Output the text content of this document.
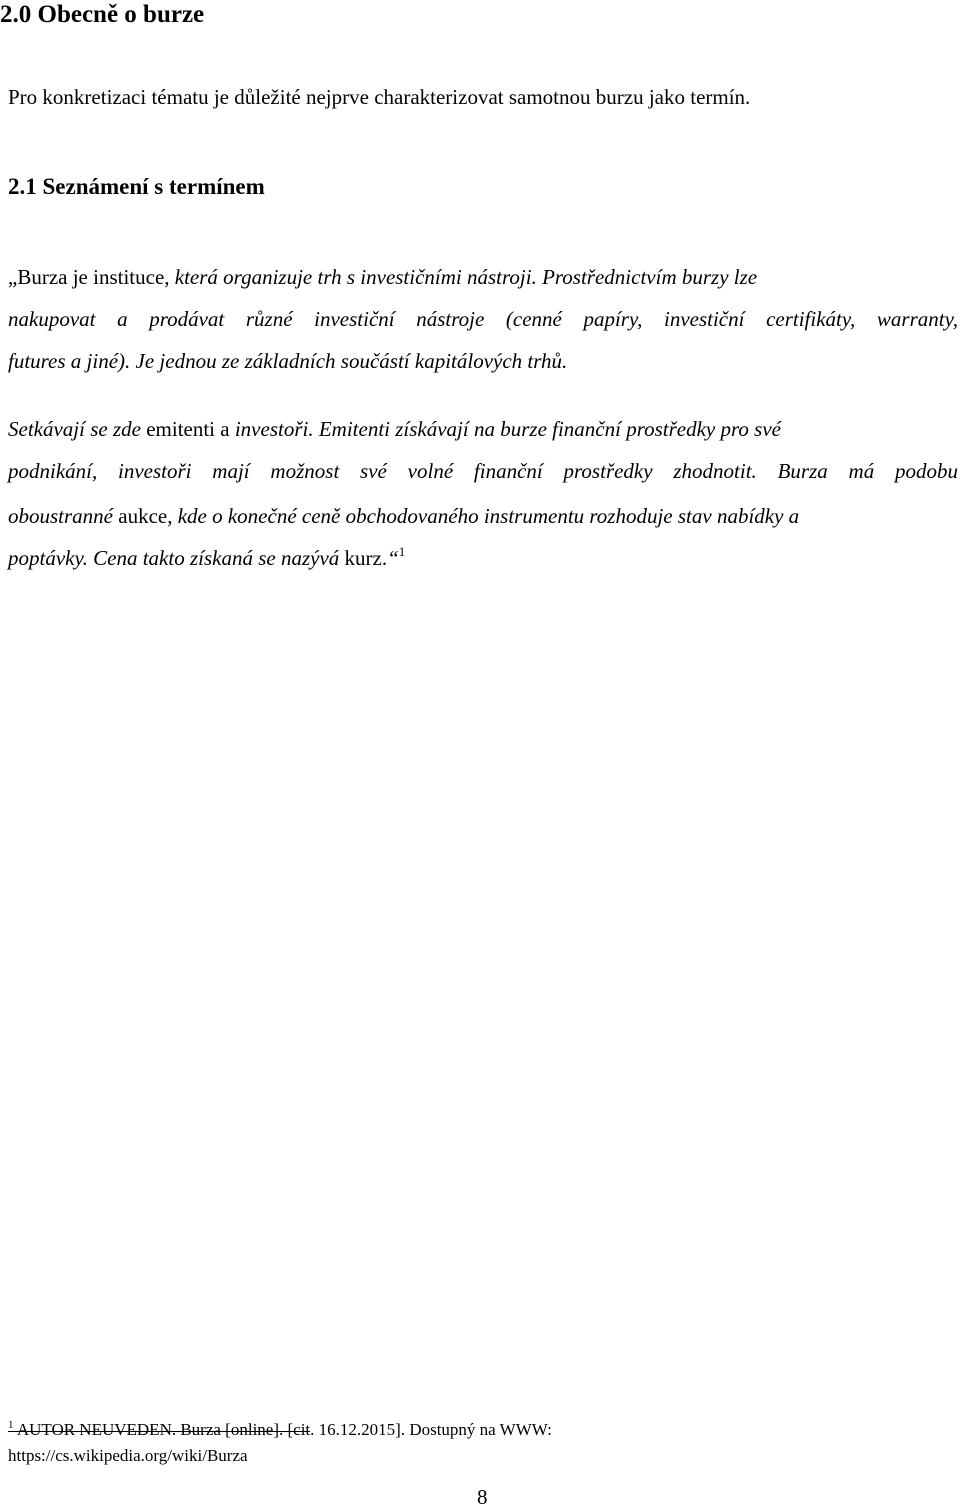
2.0 Obecně o burze

Pro konkretizaci tématu je důležité nejprve charakterizovat samotnou burzu jako termín.

2.1 Seznámení s termínem

„Burza je instituce, která organizuje trh s investičními nástroji. Prostřednictvím burzy lze

nakupovat a prodávat různé investiční nástroje (cenné papíry, investiční certifikáty, warranty,

futures a jiné). Je jednou ze základních součástí kapitálových trhů.

Setkávají se zde emitenti a investoři. Emitenti získávají na burze finanční prostředky pro své

podnikání, investoři mají možnost své volné finanční prostředky zhodnotit. Burza má podobu

oboustranné aukce, kde o konečné ceně obchodovaného instrumentu rozhoduje stav nabídky a

poptávky. Cena takto získaná se nazývá kurz.“$^1$

$^1$ AUTOR NEUVEDEN. Burza [online]. [cit. 16.12.2015]. Dostupný na WWW:

https://cs.wikipedia.org/wiki/Burza

8
